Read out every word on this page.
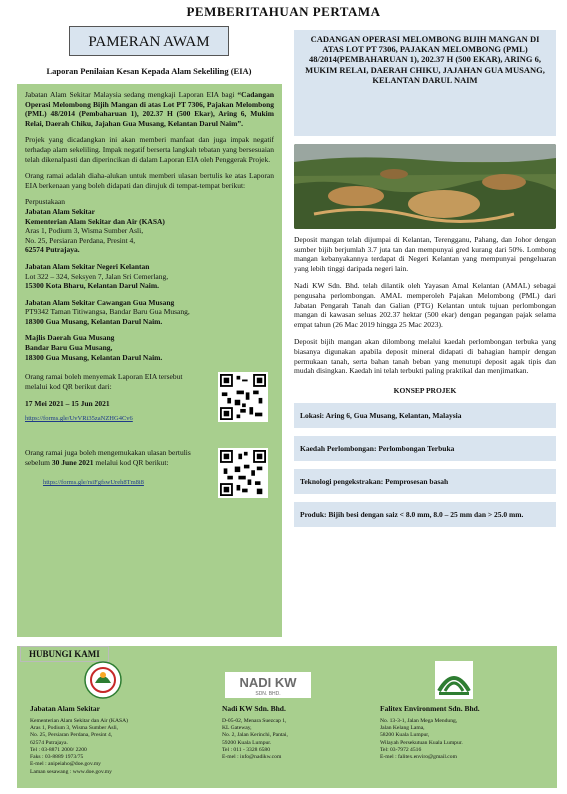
PEMBERITAHUAN PERTAMA
PAMERAN AWAM
Laporan Penilaian Kesan Kepada Alam Sekeliling (EIA)

Jabatan Alam Sekitar Malaysia sedang mengkaji Laporan EIA bagi “Cadangan Operasi Melombong Bijih Mangan di atas Lot PT 7306, Pajakan Melombong (PML) 48/2014 (Pembaharuan 1), 202.37 H (500 Ekar), Aring 6, Mukim Relai, Daerah Chiku, Jajahan Gua Musang, Kelantan Darul Naim”.

Projek yang dicadangkan ini akan memberi manfaat dan juga impak negatif terhadap alam sekeliling. Impak negatif berserta langkah tebatan yang bersesuaian telah dikenalpasti dan diperincikan di dalam Laporan EIA oleh Penggerak Projek.

Orang ramai adalah diaha-alukan untuk memberi ulasan bertulis ke atas Laporan EIA berkenaan yang boleh didapati dan dirujuk di tempat-tempat berikut:

Perpustakaan
Jabatan Alam Sekitar
Kementerian Alam Sekitar dan Air (KASA)
Aras 1, Podium 3, Wisma Sumber Asli,
No. 25, Persiaran Perdana, Presint 4,
62574 Putrajaya.
Jabatan Alam Sekitar Negeri Kelantan
Lot 322 – 324, Seksyen 7, Jalan Sri Cemerlang,
15300 Kota Bharu, Kelantan Darul Naim.
Jabatan Alam Sekitar Cawangan Gua Musang
PT9342 Taman Titiwangsa, Bandar Baru Gua Musang,
18300 Gua Musang, Kelantan Darul Naim.
Majlis Daerah Gua Musang
Bandar Baru Gua Musang,
18300 Gua Musang, Kelantan Darul Naim.
Orang ramai boleh menyemak Laporan EIA tersebut melalui kod QR berikut dari:
17 Mei 2021 – 15 Jun 2021
https://forms.gle/UvVRi35zaNZHG4Cv6
Orang ramai juga boleh mengemukakan ulasan bertulis sebelum 30 June 2021 melalui kod QR berikut:
https://forms.gle/rsiFgfswUreh8Tm8i8
CADANGAN OPERASI MELOMBONG BIJIH MANGAN DI ATAS LOT PT 7306, PAJAKAN MELOMBONG (PML) 48/2014(PEMBAHARUAN 1), 202.37 H (500 EKAR), ARING 6, MUKIM RELAI, DAERAH CHIKU, JAJAHAN GUA MUSANG, KELANTAN DARUL NAIM

Deposit mangan telah dijumpai di Kelantan, Terengganu, Pahang, dan Johor dengan sumber bijih berjumlah 3.7 juta tan dan mempunyai gred kurang dari 50%. Lombong mangan kebanyakannya terdapat di Negeri Kelantan yang mempunyai pengeluaran yang lebih tinggi daripada negeri lain.

Nadi KW Sdn. Bhd. telah dilantik oleh Yayasan Amal Kelantan (AMAL) sebagai pengusaha perlombongan. AMAL memperoleh Pajakan Melombong (PML) dari Jabatan Pengarah Tanah dan Galian (PTG) Kelantan untuk tujuan perlombongan mangan di kawasan seluas 202.37 hektar (500 ekar) dengan pegangan pajak selama empat tahun (26 Mac 2019 hingga 25 Mac 2023).

Deposit bijih mangan akan dilombong melalui kaedah perlombongan terbuka yang biasanya digunakan apabila deposit mineral didapati di bahagian hampir dengan permukaan tanah, serta bahan tanah beban yang menutupi deposit agak tipis dan mudah disingkan. Kaedah ini telah terbukti paling praktikal dan menjimatkan.

KONSEP PROJEK
Lokasi: Aring 6, Gua Musang, Kelantan, Malaysia
Kaedah Perlombongan: Perlombongan Terbuka
Teknologi pengekstrakan: Pemprosesan basah
Produk: Bijih besi dengan saiz < 8.0 mm, 8.0 – 25 mm dan > 25.0 mm.
HUBUNGI KAMI
NADI KW
SDN. BHD.
Jabatan Alam Sekitar
Kementerian Alam Sekitar dan Air (KASA)
Aras 1, Podium 3, Wisma Sumber Asli,
No. 25, Persiaran Perdana, Presint 4,
62574 Putrajaya.
Tel : 03-8871 2000/ 2200
Faks : 03-8889 1973/75
E-mel : anipeiaho@doe.gov.my
Laman sesawang : www.doe.gov.my
Nadi KW Sdn. Bhd.
D-05-02, Menara Suezcap 1,
KL Gateway,
No. 2, Jalan Kerinchi, Pantai,
59200 Kuala Lumpur.
Tel : 011 - 3328 6580
E-mel : info@nadikw.com
Falitex Environment Sdn. Bhd.
No. 13-3-1, Jalan Mega Mendung,
Jalan Kelang Lama,
58200 Kuala Lumpur,
Wilayah Persekutuan Kuala Lumpur.
Tel: 03-7972 4516
E-mel : falitex.enviro@gmail.com
